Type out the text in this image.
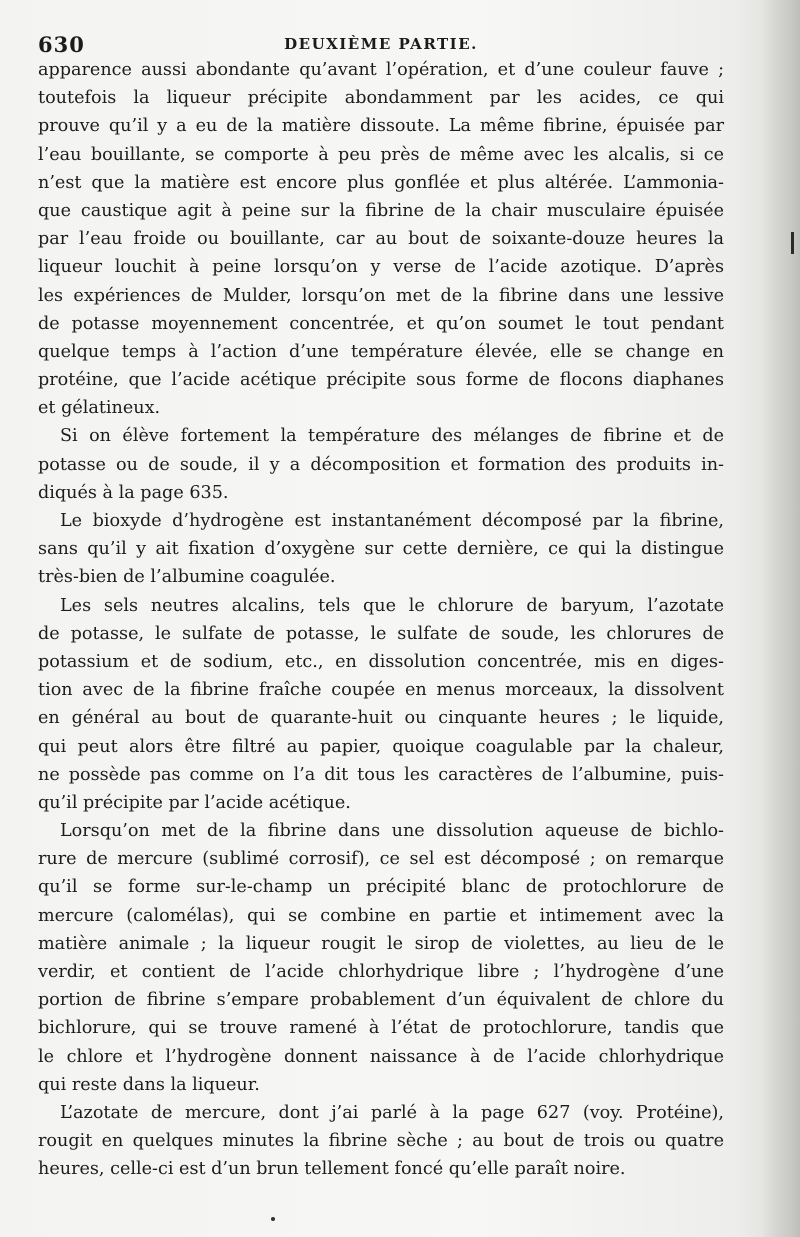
630	DEUXIÈME PARTIE.
apparence aussi abondante qu’avant l’opération, et d’une couleur fauve ;
toutefois la liqueur précipite abondamment par les acides, ce qui
prouve qu’il y a eu de la matière dissoute. La même fibrine, épuisée par
l’eau bouillante, se comporte à peu près de même avec les alcalis, si ce
n’est que la matière est encore plus gonflée et plus altérée. L’ammonia-
que caustique agit à peine sur la fibrine de la chair musculaire épuisée
par l’eau froide ou bouillante, car au bout de soixante-douze heures la
liqueur louchit à peine lorsqu’on y verse de l’acide azotique. D’après
les expériences de Mulder, lorsqu’on met de la fibrine dans une lessive
de potasse moyennement concentrée, et qu’on soumet le tout pendant
quelque temps à l’action d’une température élevée, elle se change en
protéine, que l’acide acétique précipite sous forme de flocons diaphanes
et gélatineux.
Si on élève fortement la température des mélanges de fibrine et de
potasse ou de soude, il y a décomposition et formation des produits in-
diqués à la page 635.
Le bioxyde d’hydrogène est instantanément décomposé par la fibrine,
sans qu’il y ait fixation d’oxygène sur cette dernière, ce qui la distingue
très-bien de l’albumine coagulée.
Les sels neutres alcalins, tels que le chlorure de baryum, l’azotate
de potasse, le sulfate de potasse, le sulfate de soude, les chlorures de
potassium et de sodium, etc., en dissolution concentrée, mis en diges-
tion avec de la fibrine fraîche coupée en menus morceaux, la dissolvent
en général au bout de quarante-huit ou cinquante heures ; le liquide,
qui peut alors être filtré au papier, quoique coagulable par la chaleur,
ne possède pas comme on l’a dit tous les caractères de l’albumine, puis-
qu’il précipite par l’acide acétique.
Lorsqu’on met de la fibrine dans une dissolution aqueuse de bichlo-
rure de mercure (sublimé corrosif), ce sel est décomposé ; on remarque
qu’il se forme sur-le-champ un précipité blanc de protochlorure de
mercure (calomélas), qui se combine en partie et intimement avec la
matière animale ; la liqueur rougit le sirop de violettes, au lieu de le
verdir, et contient de l’acide chlorhydrique libre ; l’hydrogène d’une
portion de fibrine s’empare probablement d’un équivalent de chlore du
bichlorure, qui se trouve ramené à l’état de protochlorure, tandis que
le chlore et l’hydrogène donnent naissance à de l’acide chlorhydrique
qui reste dans la liqueur.
L’azotate de mercure, dont j’ai parlé à la page 627 (voy. Protéine),
rougit en quelques minutes la fibrine sèche ; au bout de trois ou quatre
heures, celle-ci est d’un brun tellement foncé qu’elle paraît noire.
